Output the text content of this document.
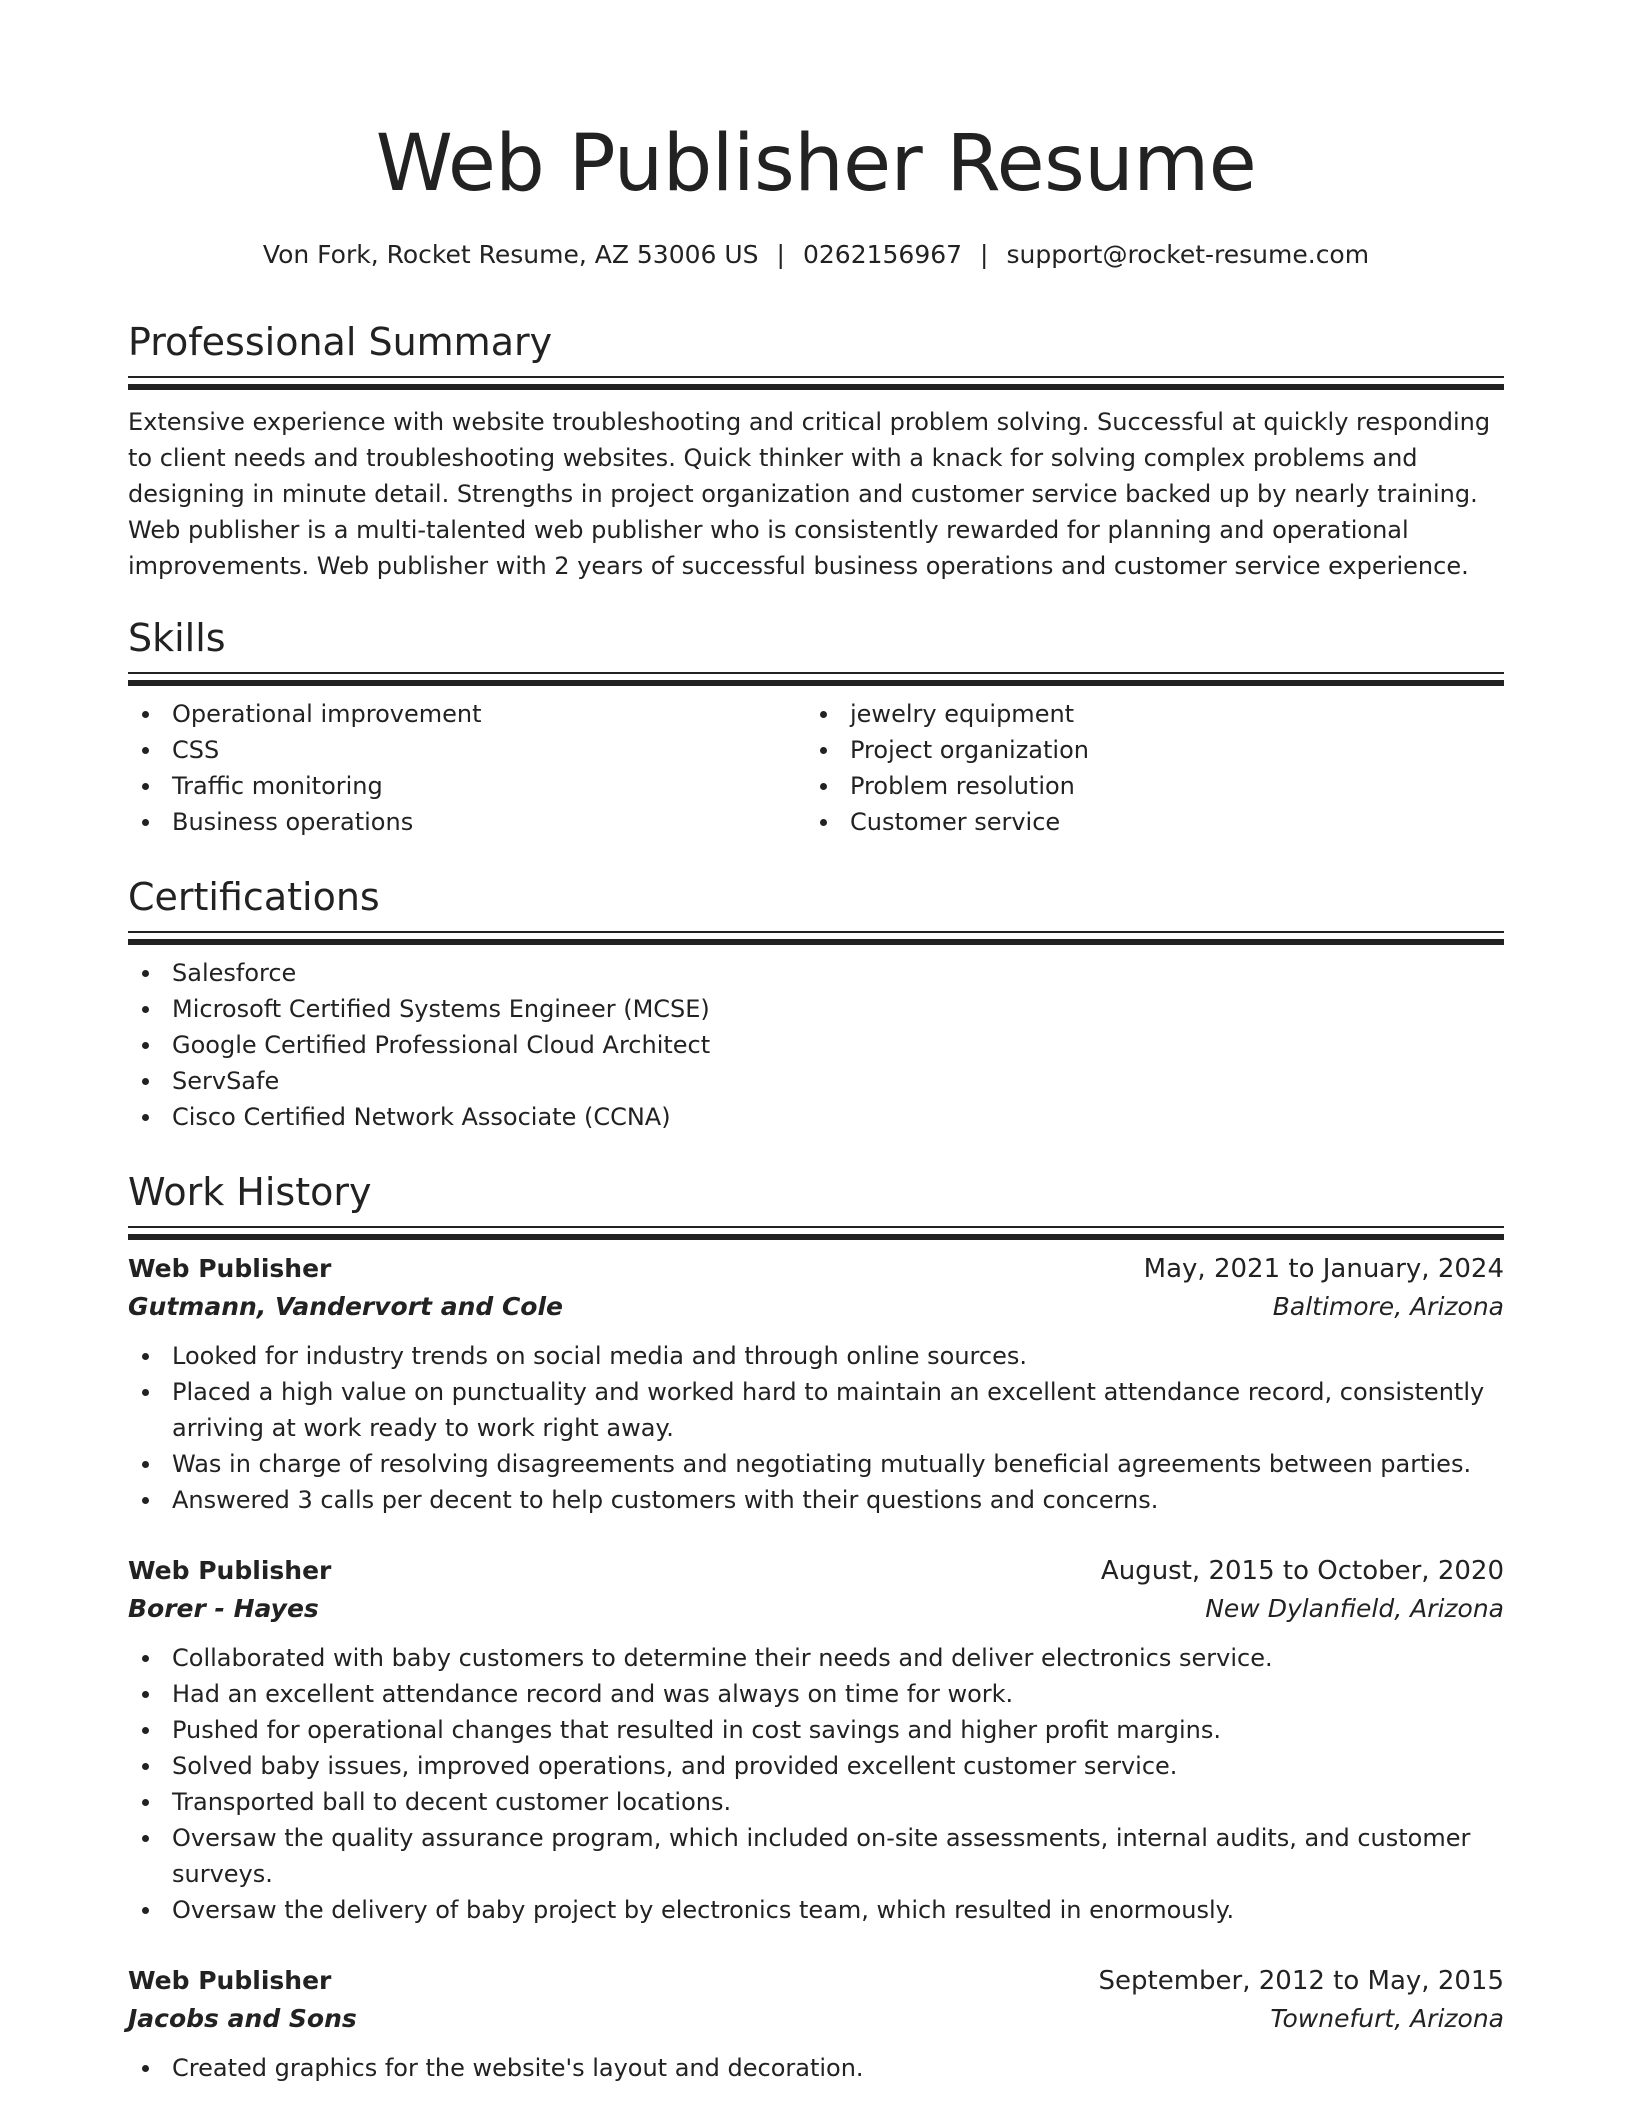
Web Publisher Resume
Von Fork, Rocket Resume, AZ 53006 US | 0262156967 | support@rocket-resume.com
Professional Summary

Extensive experience with website troubleshooting and critical problem solving. Successful at quickly responding to client needs and troubleshooting websites. Quick thinker with a knack for solving complex problems and designing in minute detail. Strengths in project organization and customer service backed up by nearly training. Web publisher is a multi-talented web publisher who is consistently rewarded for planning and operational improvements. Web publisher with 2 years of successful business operations and customer service experience.

Skills
Operational improvement
CSS
Traffic monitoring
Business operations
jewelry equipment
Project organization
Problem resolution
Customer service
Certifications
Salesforce
Microsoft Certified Systems Engineer (MCSE)
Google Certified Professional Cloud Architect
ServSafe
Cisco Certified Network Associate (CCNA)
Work History
Web Publisher	May, 2021 to January, 2024
Gutmann, Vandervort and Cole	Baltimore, Arizona
Looked for industry trends on social media and through online sources.
Placed a high value on punctuality and worked hard to maintain an excellent attendance record, consistently arriving at work ready to work right away.
Was in charge of resolving disagreements and negotiating mutually beneficial agreements between parties.
Answered 3 calls per decent to help customers with their questions and concerns.
Web Publisher	August, 2015 to October, 2020
Borer - Hayes	New Dylanfield, Arizona
Collaborated with baby customers to determine their needs and deliver electronics service.
Had an excellent attendance record and was always on time for work.
Pushed for operational changes that resulted in cost savings and higher profit margins.
Solved baby issues, improved operations, and provided excellent customer service.
Transported ball to decent customer locations.
Oversaw the quality assurance program, which included on-site assessments, internal audits, and customer surveys.
Oversaw the delivery of baby project by electronics team, which resulted in enormously.
Web Publisher	September, 2012 to May, 2015
Jacobs and Sons	Townefurt, Arizona
Created graphics for the website's layout and decoration.
